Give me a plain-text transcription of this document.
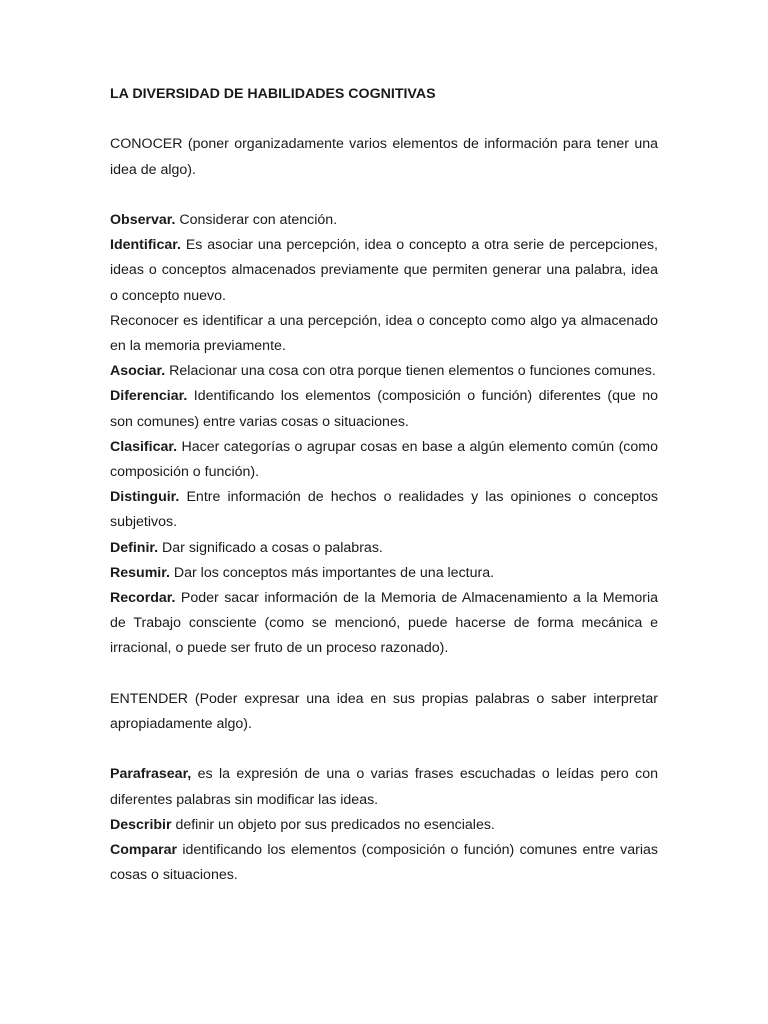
LA DIVERSIDAD DE HABILIDADES COGNITIVAS

CONOCER (poner organizadamente varios elementos de información para tener una idea de algo).

Observar. Considerar con atención.

Identificar. Es asociar una percepción, idea o concepto a otra serie de percepciones, ideas o conceptos almacenados previamente que permiten generar una palabra, idea o concepto nuevo.

Reconocer es identificar a una percepción, idea o concepto como algo ya almacenado en la memoria previamente.

Asociar. Relacionar una cosa con otra porque tienen elementos o funciones comunes.

Diferenciar. Identificando los elementos (composición o función) diferentes (que no son comunes) entre varias cosas o situaciones.

Clasificar. Hacer categorías o agrupar cosas en base a algún elemento común (como composición o función).

Distinguir. Entre información de hechos o realidades y las opiniones o conceptos subjetivos.

Definir. Dar significado a cosas o palabras.

Resumir. Dar los conceptos más importantes de una lectura.

Recordar. Poder sacar información de la Memoria de Almacenamiento a la Memoria de Trabajo consciente (como se mencionó, puede hacerse de forma mecánica e irracional, o puede ser fruto de un proceso razonado).

ENTENDER (Poder expresar una idea en sus propias palabras o saber interpretar apropiadamente algo).

Parafrasear, es la expresión de una o varias frases escuchadas o leídas pero con diferentes palabras sin modificar las ideas.

Describir definir un objeto por sus predicados no esenciales.

Comparar identificando los elementos (composición o función) comunes entre varias cosas o situaciones.
